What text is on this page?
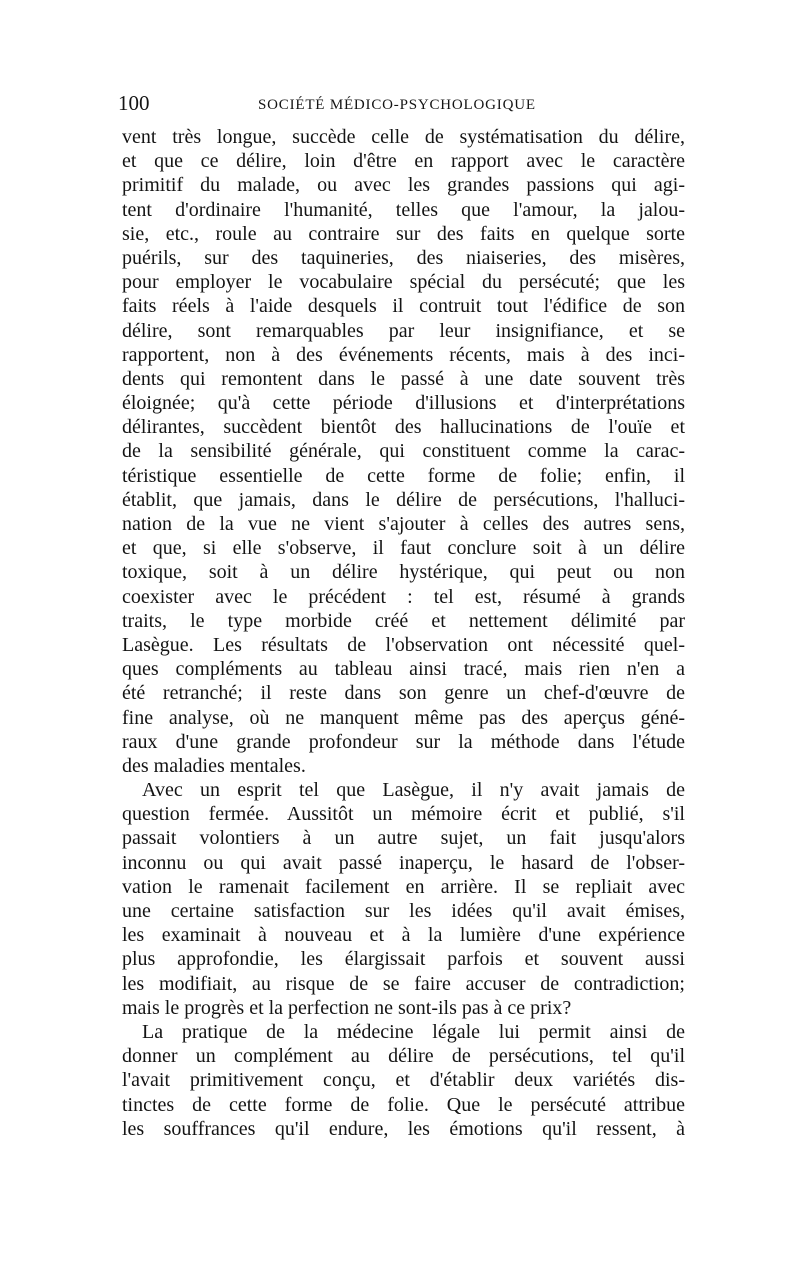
100	SOCIÉTÉ MÉDICO-PSYCHOLOGIQUE
vent très longue, succède celle de systématisation du délire,
et que ce délire, loin d'être en rapport avec le caractère
primitif du malade, ou avec les grandes passions qui agi-
tent d'ordinaire l'humanité, telles que l'amour, la jalou-
sie, etc., roule au contraire sur des faits en quelque sorte
puérils, sur des taquineries, des niaiseries, des misères,
pour employer le vocabulaire spécial du persécuté; que les
faits réels à l'aide desquels il contruit tout l'édifice de son
délire, sont remarquables par leur insignifiance, et se
rapportent, non à des événements récents, mais à des inci-
dents qui remontent dans le passé à une date souvent très
éloignée; qu'à cette période d'illusions et d'interprétations
délirantes, succèdent bientôt des hallucinations de l'ouïe et
de la sensibilité générale, qui constituent comme la carac-
téristique essentielle de cette forme de folie; enfin, il
établit, que jamais, dans le délire de persécutions, l'halluci-
nation de la vue ne vient s'ajouter à celles des autres sens,
et que, si elle s'observe, il faut conclure soit à un délire
toxique, soit à un délire hystérique, qui peut ou non
coexister avec le précédent : tel est, résumé à grands
traits, le type morbide créé et nettement délimité par
Lasègue. Les résultats de l'observation ont nécessité quel-
ques compléments au tableau ainsi tracé, mais rien n'en a
été retranché; il reste dans son genre un chef-d'œuvre de
fine analyse, où ne manquent même pas des aperçus géné-
raux d'une grande profondeur sur la méthode dans l'étude
des maladies mentales.
Avec un esprit tel que Lasègue, il n'y avait jamais de
question fermée. Aussitôt un mémoire écrit et publié, s'il
passait volontiers à un autre sujet, un fait jusqu'alors
inconnu ou qui avait passé inaperçu, le hasard de l'obser-
vation le ramenait facilement en arrière. Il se repliait avec
une certaine satisfaction sur les idées qu'il avait émises,
les examinait à nouveau et à la lumière d'une expérience
plus approfondie, les élargissait parfois et souvent aussi
les modifiait, au risque de se faire accuser de contradiction;
mais le progrès et la perfection ne sont-ils pas à ce prix?
La pratique de la médecine légale lui permit ainsi de
donner un complément au délire de persécutions, tel qu'il
l'avait primitivement conçu, et d'établir deux variétés dis-
tinctes de cette forme de folie. Que le persécuté attribue
les souffrances qu'il endure, les émotions qu'il ressent, à
